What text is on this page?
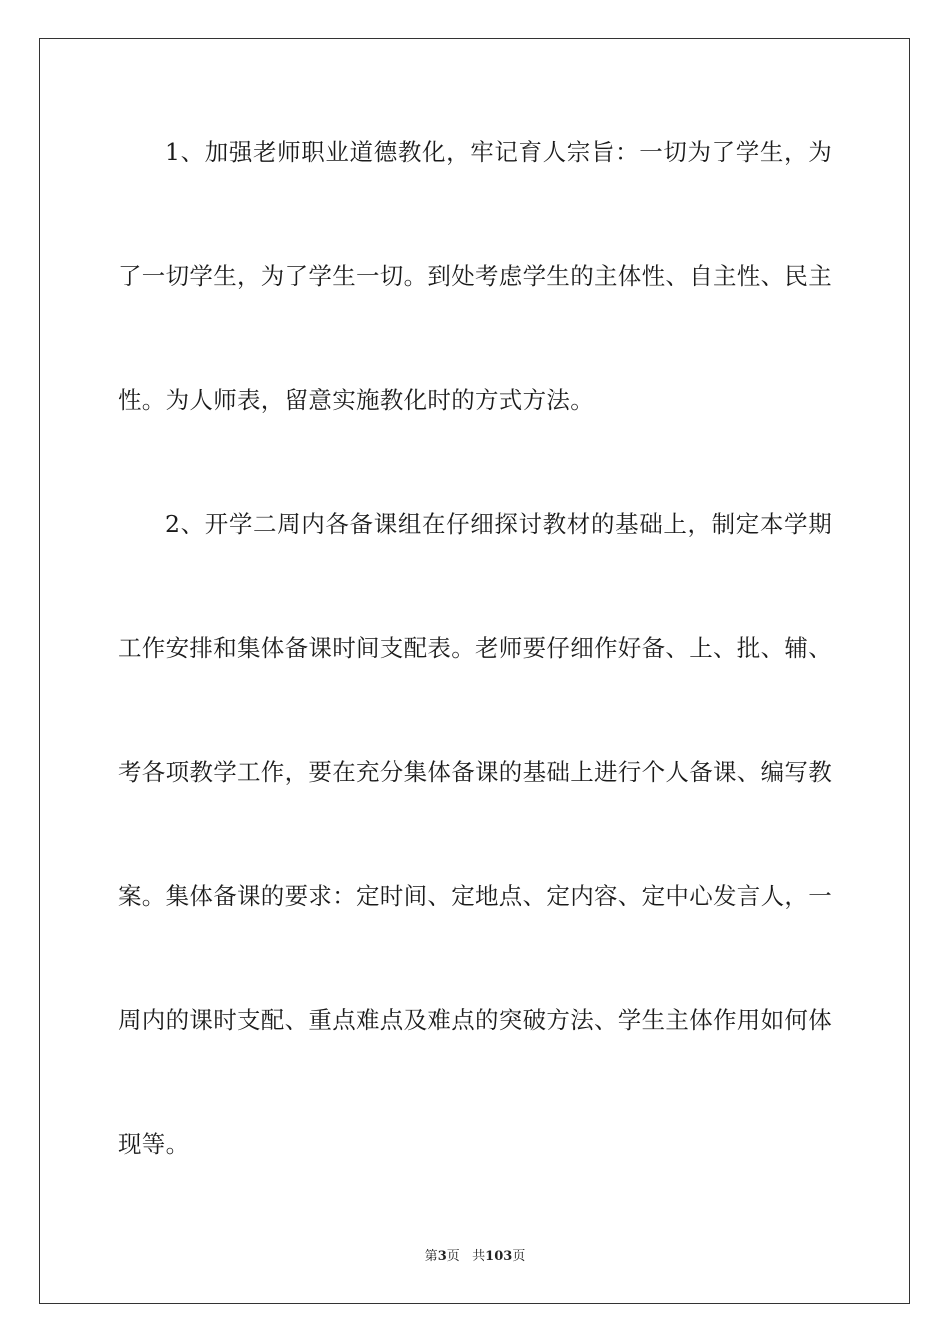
1、加强老师职业道德教化，牢记育人宗旨：一切为了学生，为
了一切学生，为了学生一切。到处考虑学生的主体性、自主性、民主
性。为人师表，留意实施教化时的方式方法。
2、开学二周内各备课组在仔细探讨教材的基础上，制定本学期
工作安排和集体备课时间支配表。老师要仔细作好备、上、批、辅、
考各项教学工作，要在充分集体备课的基础上进行个人备课、编写教
案。集体备课的要求：定时间、定地点、定内容、定中心发言人，一
周内的课时支配、重点难点及难点的突破方法、学生主体作用如何体
现等。
第3页 共103页
